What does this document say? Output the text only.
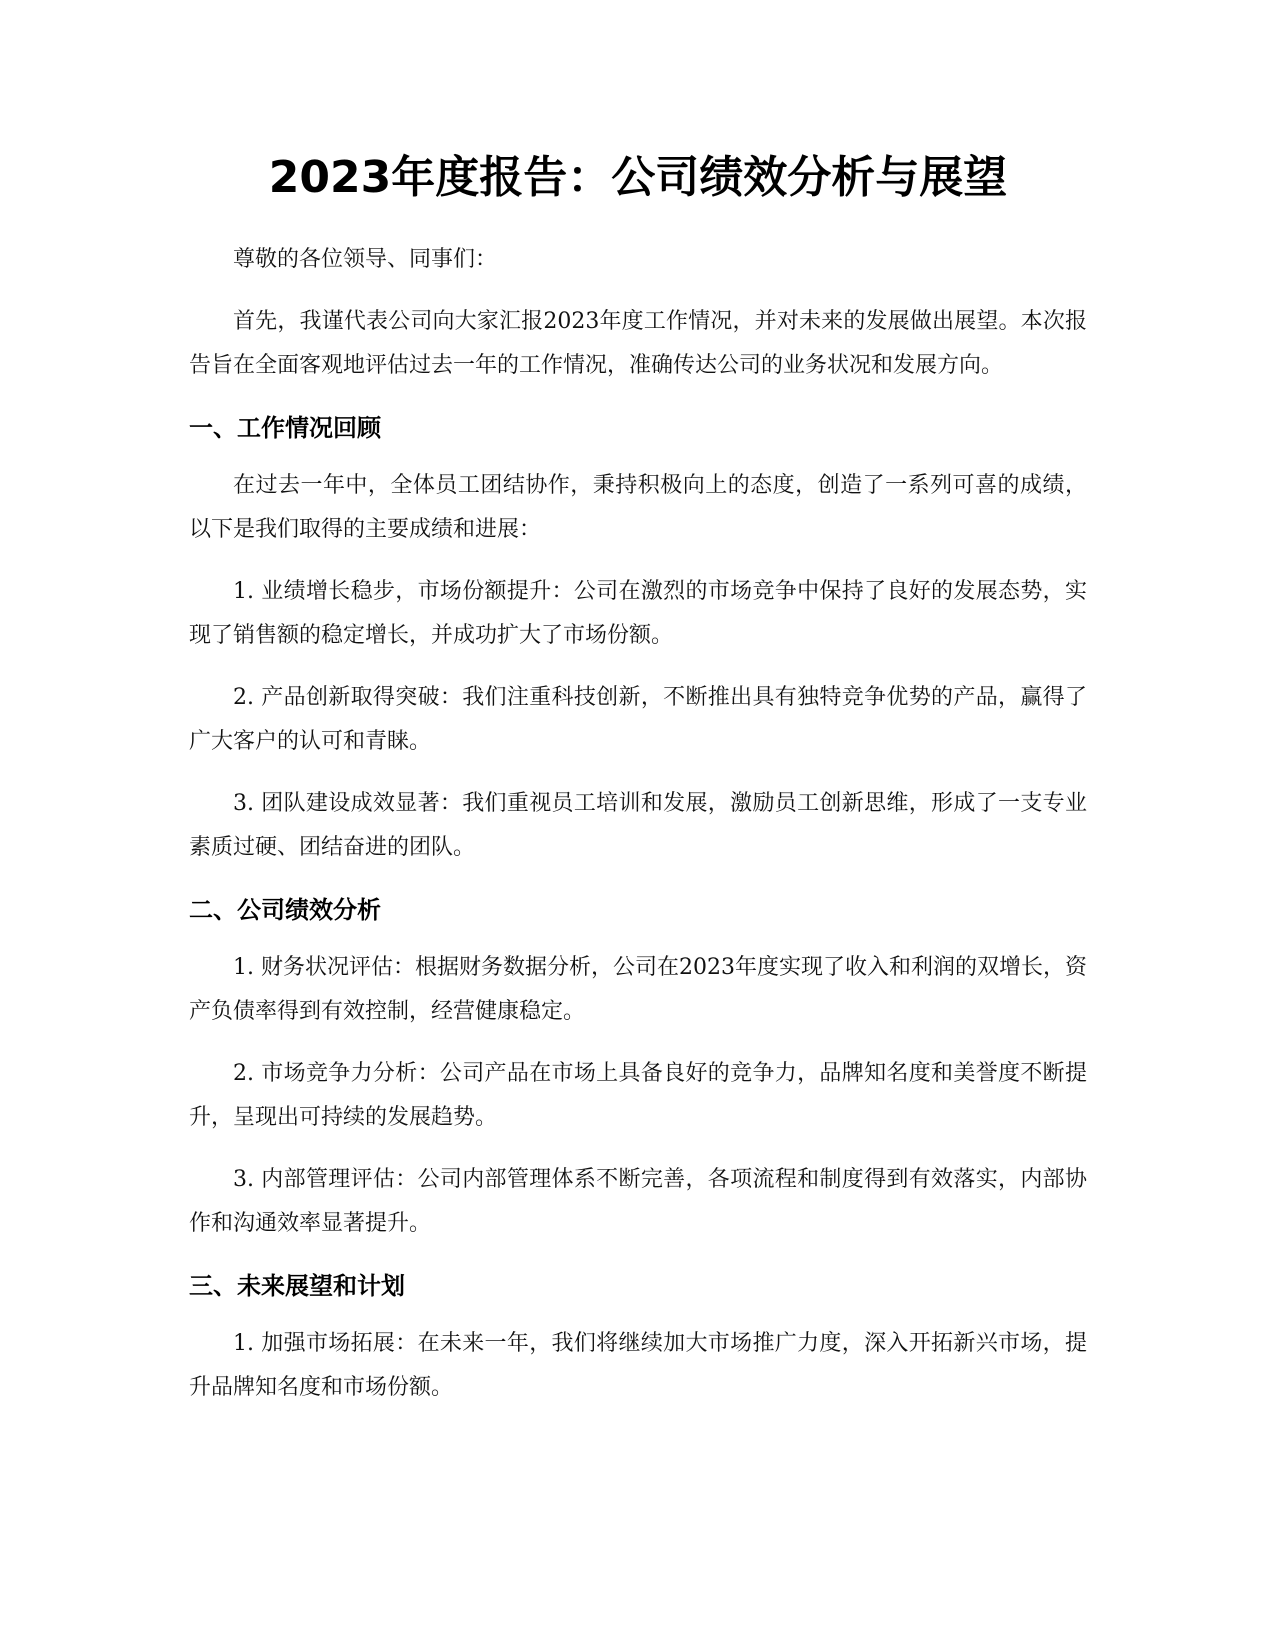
2023年度报告：公司绩效分析与展望

尊敬的各位领导、同事们：

首先，我谨代表公司向大家汇报2023年度工作情况，并对未来的发展做出展望。本次报告旨在全面客观地评估过去一年的工作情况，准确传达公司的业务状况和发展方向。

一、工作情况回顾

在过去一年中，全体员工团结协作，秉持积极向上的态度，创造了一系列可喜的成绩，以下是我们取得的主要成绩和进展：

1. 业绩增长稳步，市场份额提升：公司在激烈的市场竞争中保持了良好的发展态势，实现了销售额的稳定增长，并成功扩大了市场份额。

2. 产品创新取得突破：我们注重科技创新，不断推出具有独特竞争优势的产品，赢得了广大客户的认可和青睐。

3. 团队建设成效显著：我们重视员工培训和发展，激励员工创新思维，形成了一支专业素质过硬、团结奋进的团队。

二、公司绩效分析

1. 财务状况评估：根据财务数据分析，公司在2023年度实现了收入和利润的双增长，资产负债率得到有效控制，经营健康稳定。

2. 市场竞争力分析：公司产品在市场上具备良好的竞争力，品牌知名度和美誉度不断提升，呈现出可持续的发展趋势。

3. 内部管理评估：公司内部管理体系不断完善，各项流程和制度得到有效落实，内部协作和沟通效率显著提升。

三、未来展望和计划

1. 加强市场拓展：在未来一年，我们将继续加大市场推广力度，深入开拓新兴市场，提升品牌知名度和市场份额。
